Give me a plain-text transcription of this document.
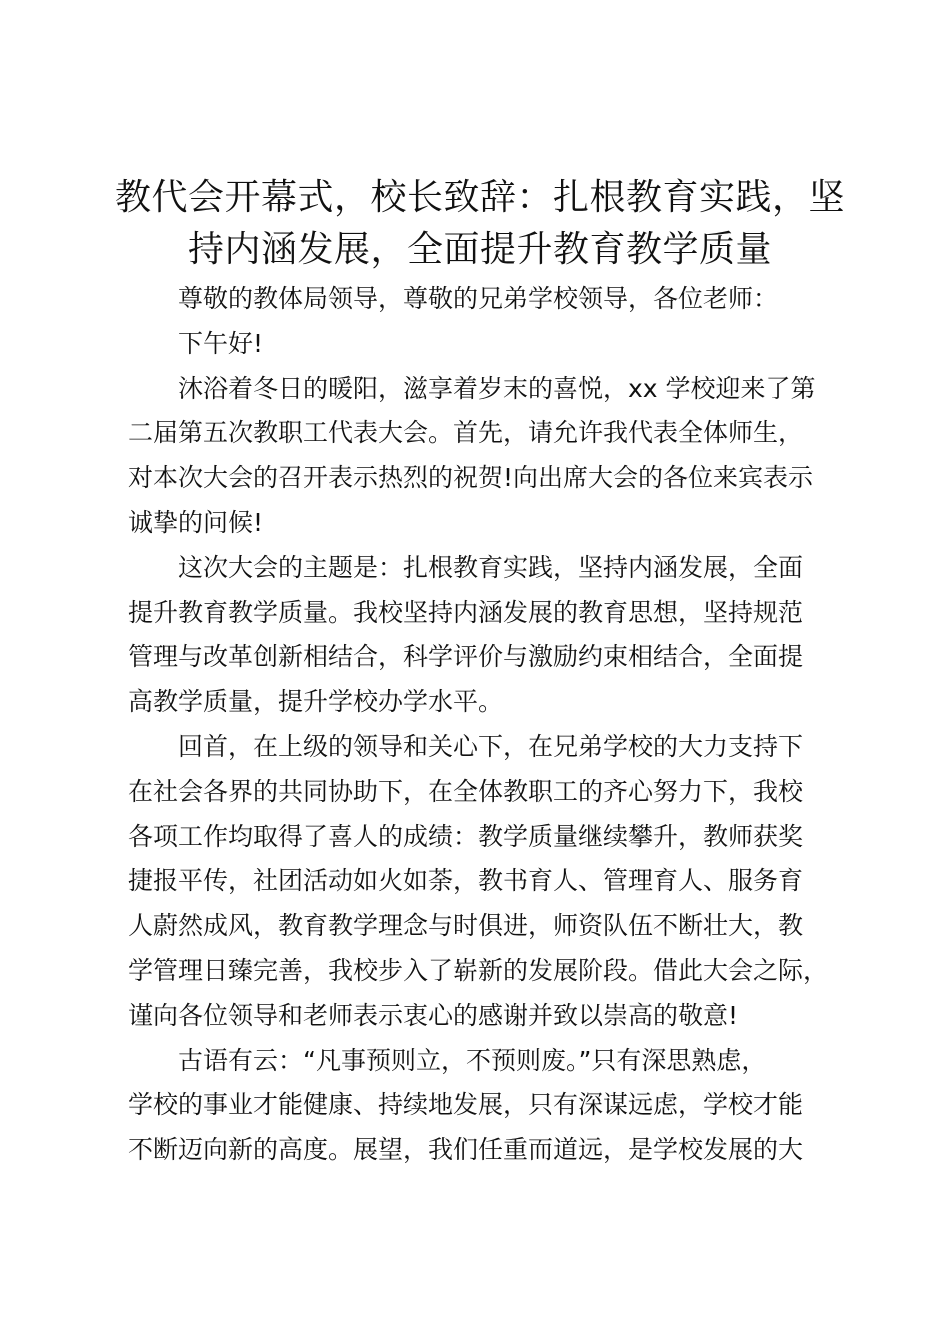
教代会开幕式，校长致辞：扎根教育实践，坚
持内涵发展，全面提升教育教学质量

尊敬的教体局领导，尊敬的兄弟学校领导，各位老师：

下午好!

沐浴着冬日的暖阳，滋享着岁末的喜悦，xx 学校迎来了第
二届第五次教职工代表大会。首先，请允许我代表全体师生，
对本次大会的召开表示热烈的祝贺!向出席大会的各位来宾表示
诚挚的问候!

这次大会的主题是：扎根教育实践，坚持内涵发展，全面
提升教育教学质量。我校坚持内涵发展的教育思想，坚持规范
管理与改革创新相结合，科学评价与激励约束相结合，全面提
高教学质量，提升学校办学水平。

回首，在上级的领导和关心下，在兄弟学校的大力支持下
在社会各界的共同协助下，在全体教职工的齐心努力下，我校
各项工作均取得了喜人的成绩：教学质量继续攀升，教师获奖
捷报平传，社团活动如火如荼，教书育人、管理育人、服务育
人蔚然成风，教育教学理念与时俱进，师资队伍不断壮大，教
学管理日臻完善，我校步入了崭新的发展阶段。借此大会之际，
谨向各位领导和老师表示衷心的感谢并致以崇高的敬意!

古语有云：“凡事预则立，不预则废。”只有深思熟虑，
学校的事业才能健康、持续地发展，只有深谋远虑，学校才能
不断迈向新的高度。展望，我们任重而道远，是学校发展的大
